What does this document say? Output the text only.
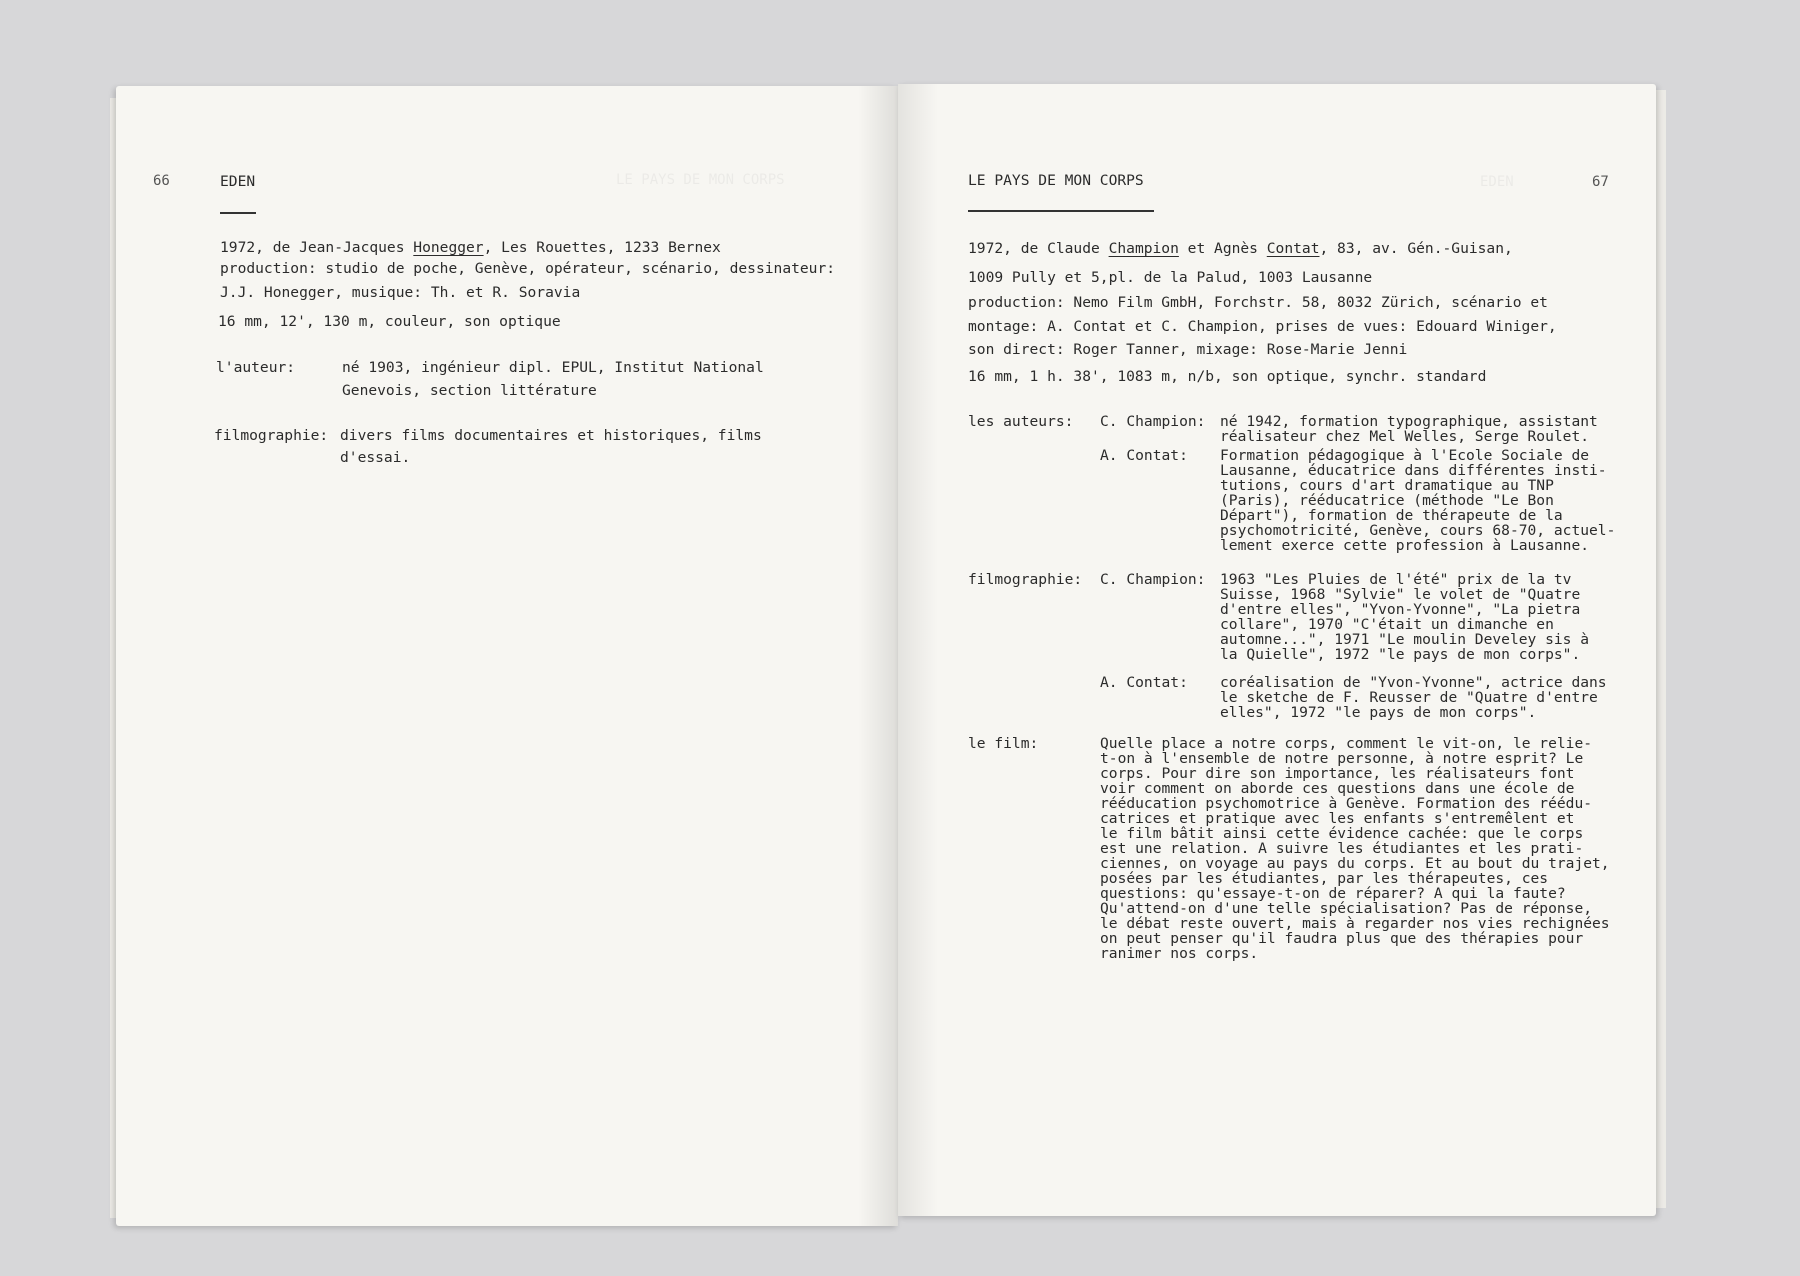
LE PAYS DE MON CORPS
66	EDEN
1972, de Jean-Jacques Honegger, Les Rouettes, 1233 Bernex
production: studio de poche, Genève, opérateur, scénario, dessinateur:
J.J. Honegger, musique: Th. et R. Soravia
16 mm, 12', 130 m, couleur, son optique
l'auteur:	né 1903, ingénieur dipl. EPUL, Institut National
Genevois, section littérature
filmographie: divers films documentaires et historiques, films
d'essai.
EDEN
LE PAYS DE MON CORPS	67
1972, de Claude Champion et Agnès Contat, 83, av. Gén.-Guisan,
1009 Pully et 5,pl. de la Palud, 1003 Lausanne
production: Nemo Film GmbH, Forchstr. 58, 8032 Zürich, scénario et
montage: A. Contat et C. Champion, prises de vues: Edouard Winiger,
son direct: Roger Tanner, mixage: Rose-Marie Jenni
16 mm, 1 h. 38', 1083 m, n/b, son optique, synchr. standard
les auteurs: C. Champion: né 1942, formation typographique, assistant
réalisateur chez Mel Welles, Serge Roulet.
A. Contat: Formation pédagogique à l'Ecole Sociale de
Lausanne, éducatrice dans différentes insti-
tutions, cours d'art dramatique au TNP
(Paris), rééducatrice (méthode "Le Bon
Départ"), formation de thérapeute de la
psychomotricité, Genève, cours 68-70, actuel-
lement exerce cette profession à Lausanne.
filmographie: C. Champion: 1963 "Les Pluies de l'été" prix de la tv
Suisse, 1968 "Sylvie" le volet de "Quatre
d'entre elles", "Yvon-Yvonne", "La pietra
collare", 1970 "C'était un dimanche en
automne...", 1971 "Le moulin Develey sis à
la Quielle", 1972 "le pays de mon corps".
A. Contat: coréalisation de "Yvon-Yvonne", actrice dans
le sketche de F. Reusser de "Quatre d'entre
elles", 1972 "le pays de mon corps".
le film:	Quelle place a notre corps, comment le vit-on, le relie-
t-on à l'ensemble de notre personne, à notre esprit? Le
corps. Pour dire son importance, les réalisateurs font
voir comment on aborde ces questions dans une école de
rééducation psychomotrice à Genève. Formation des réédu-
catrices et pratique avec les enfants s'entremêlent et
le film bâtit ainsi cette évidence cachée: que le corps
est une relation. A suivre les étudiantes et les prati-
ciennes, on voyage au pays du corps. Et au bout du trajet,
posées par les étudiantes, par les thérapeutes, ces
questions: qu'essaye-t-on de réparer? A qui la faute?
Qu'attend-on d'une telle spécialisation? Pas de réponse,
le débat reste ouvert, mais à regarder nos vies rechignées
on peut penser qu'il faudra plus que des thérapies pour
ranimer nos corps.
